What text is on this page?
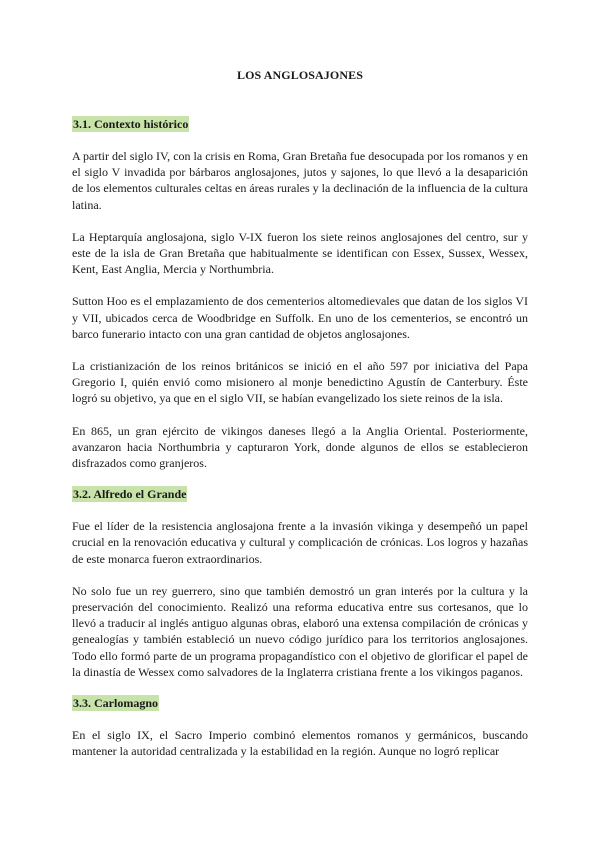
LOS ANGLOSAJONES
3.1. Contexto histórico

A partir del siglo IV, con la crisis en Roma, Gran Bretaña fue desocupada por los romanos y en el siglo V invadida por bárbaros anglosajones, jutos y sajones, lo que llevó a la desaparición de los elementos culturales celtas en áreas rurales y la declinación de la influencia de la cultura latina.

La Heptarquía anglosajona, siglo V-IX fueron los siete reinos anglosajones del centro, sur y este de la isla de Gran Bretaña que habitualmente se identifican con Essex, Sussex, Wessex, Kent, East Anglia, Mercia y Northumbria.

Sutton Hoo es el emplazamiento de dos cementerios altomedievales que datan de los siglos VI y VII, ubicados cerca de Woodbridge en Suffolk. En uno de los cementerios, se encontró un barco funerario intacto con una gran cantidad de objetos anglosajones.

La cristianización de los reinos británicos se inició en el año 597 por iniciativa del Papa Gregorio I, quién envió como misionero al monje benedictino Agustín de Canterbury. Éste logró su objetivo, ya que en el siglo VII, se habían evangelizado los siete reinos de la isla.

En 865, un gran ejército de vikingos daneses llegó a la Anglia Oriental. Posteriormente, avanzaron hacia Northumbria y capturaron York, donde algunos de ellos se establecieron disfrazados como granjeros.

3.2. Alfredo el Grande

Fue el líder de la resistencia anglosajona frente a la invasión vikinga y desempeñó un papel crucial en la renovación educativa y cultural y complicación de crónicas. Los logros y hazañas de este monarca fueron extraordinarios.

No solo fue un rey guerrero, sino que también demostró un gran interés por la cultura y la preservación del conocimiento. Realizó una reforma educativa entre sus cortesanos, que lo llevó a traducir al inglés antiguo algunas obras, elaboró una extensa compilación de crónicas y genealogías y también estableció un nuevo código jurídico para los territorios anglosajones. Todo ello formó parte de un programa propagandístico con el objetivo de glorificar el papel de la dinastía de Wessex como salvadores de la Inglaterra cristiana frente a los vikingos paganos.

3.3. Carlomagno

En el siglo IX, el Sacro Imperio combinó elementos romanos y germánicos, buscando mantener la autoridad centralizada y la estabilidad en la región. Aunque no logró replicar
